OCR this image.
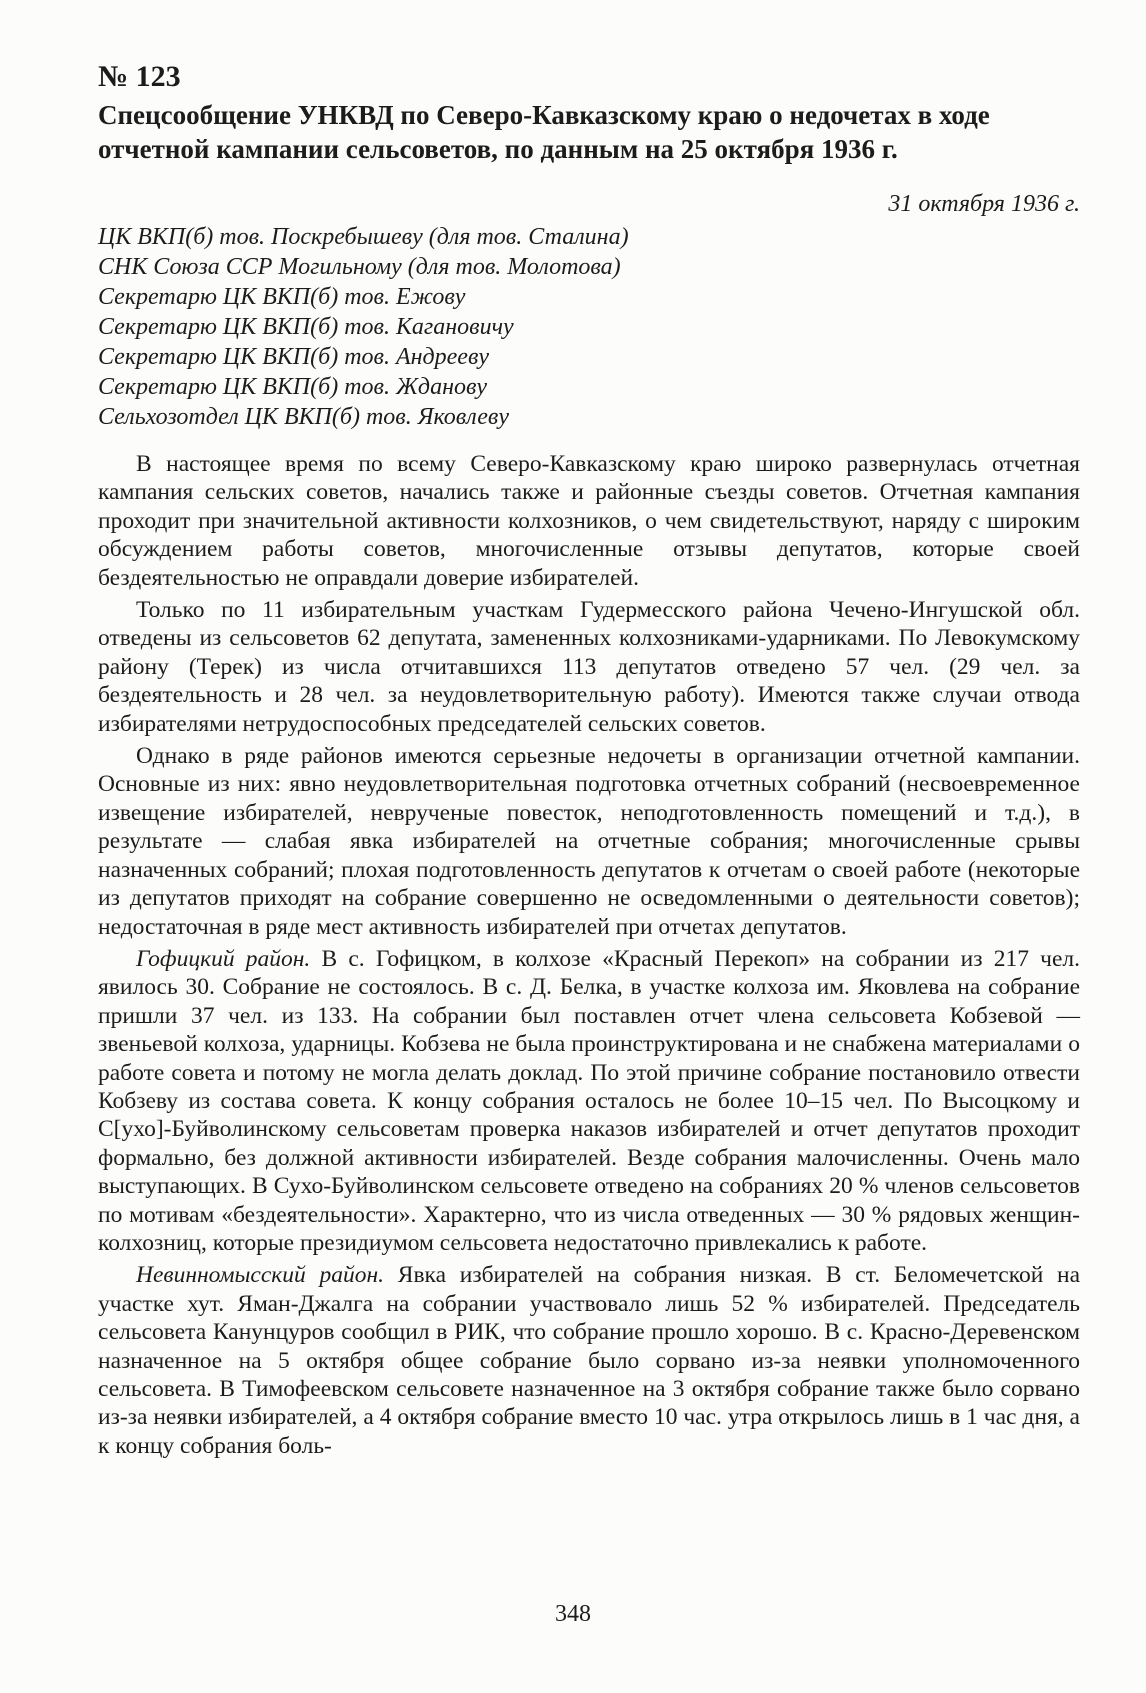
№ 123
Спецсообщение УНКВД по Северо-Кавказскому краю о недочетах в ходе отчетной кампании сельсоветов, по данным на 25 октября 1936 г.
31 октября 1936 г.
ЦК ВКП(б) тов. Поскребышеву (для тов. Сталина)
СНК Союза ССР Могильному (для тов. Молотова)
Секретарю ЦК ВКП(б) тов. Ежову
Секретарю ЦК ВКП(б) тов. Кагановичу
Секретарю ЦК ВКП(б) тов. Андрееву
Секретарю ЦК ВКП(б) тов. Жданову
Сельхозотдел ЦК ВКП(б) тов. Яковлеву

В настоящее время по всему Северо-Кавказскому краю широко развернулась отчетная кампания сельских советов, начались также и районные съезды советов. Отчетная кампания проходит при значительной активности колхозников, о чем свидетельствуют, наряду с широким обсуждением работы советов, многочисленные отзывы депутатов, которые своей бездеятельностью не оправдали доверие избирателей.

Только по 11 избирательным участкам Гудермесского района Чечено-Ингушской обл. отведены из сельсоветов 62 депутата, замененных колхозниками-ударниками. По Левокумскому району (Терек) из числа отчитавшихся 113 депутатов отведено 57 чел. (29 чел. за бездеятельность и 28 чел. за неудовлетворительную работу). Имеются также случаи отвода избирателями нетрудоспособных председателей сельских советов.

Однако в ряде районов имеются серьезные недочеты в организации отчетной кампании. Основные из них: явно неудовлетворительная подготовка отчетных собраний (несвоевременное извещение избирателей, неврученые повесток, неподготовленность помещений и т.д.), в результате — слабая явка избирателей на отчетные собрания; многочисленные срывы назначенных собраний; плохая подготовленность депутатов к отчетам о своей работе (некоторые из депутатов приходят на собрание совершенно не осведомленными о деятельности советов); недостаточная в ряде мест активность избирателей при отчетах депутатов.

Гофицкий район. В с. Гофицком, в колхозе «Красный Перекоп» на собрании из 217 чел. явилось 30. Собрание не состоялось. В с. Д. Белка, в участке колхоза им. Яковлева на собрание пришли 37 чел. из 133. На собрании был поставлен отчет члена сельсовета Кобзевой — звеньевой колхоза, ударницы. Кобзева не была проинструктирована и не снабжена материалами о работе совета и потому не могла делать доклад. По этой причине собрание постановило отвести Кобзеву из состава совета. К концу собрания осталось не более 10–15 чел. По Высоцкому и С[ухо]-Буйволинскому сельсоветам проверка наказов избирателей и отчет депутатов проходит формально, без должной активности избирателей. Везде собрания малочисленны. Очень мало выступающих. В Сухо-Буйволинском сельсовете отведено на собраниях 20 % членов сельсоветов по мотивам «бездеятельности». Характерно, что из числа отведенных — 30 % рядовых женщин-колхозниц, которые президиумом сельсовета недостаточно привлекались к работе.

Невинномысский район. Явка избирателей на собрания низкая. В ст. Беломечетской на участке хут. Яман-Джалга на собрании участвовало лишь 52 % избирателей. Председатель сельсовета Канунцуров сообщил в РИК, что собрание прошло хорошо. В с. Красно-Деревенском назначенное на 5 октября общее собрание было сорвано из-за неявки уполномоченного сельсовета. В Тимофеевском сельсовете назначенное на 3 октября собрание также было сорвано из-за неявки избирателей, а 4 октября собрание вместо 10 час. утра открылось лишь в 1 час дня, а к концу собрания боль-

348
